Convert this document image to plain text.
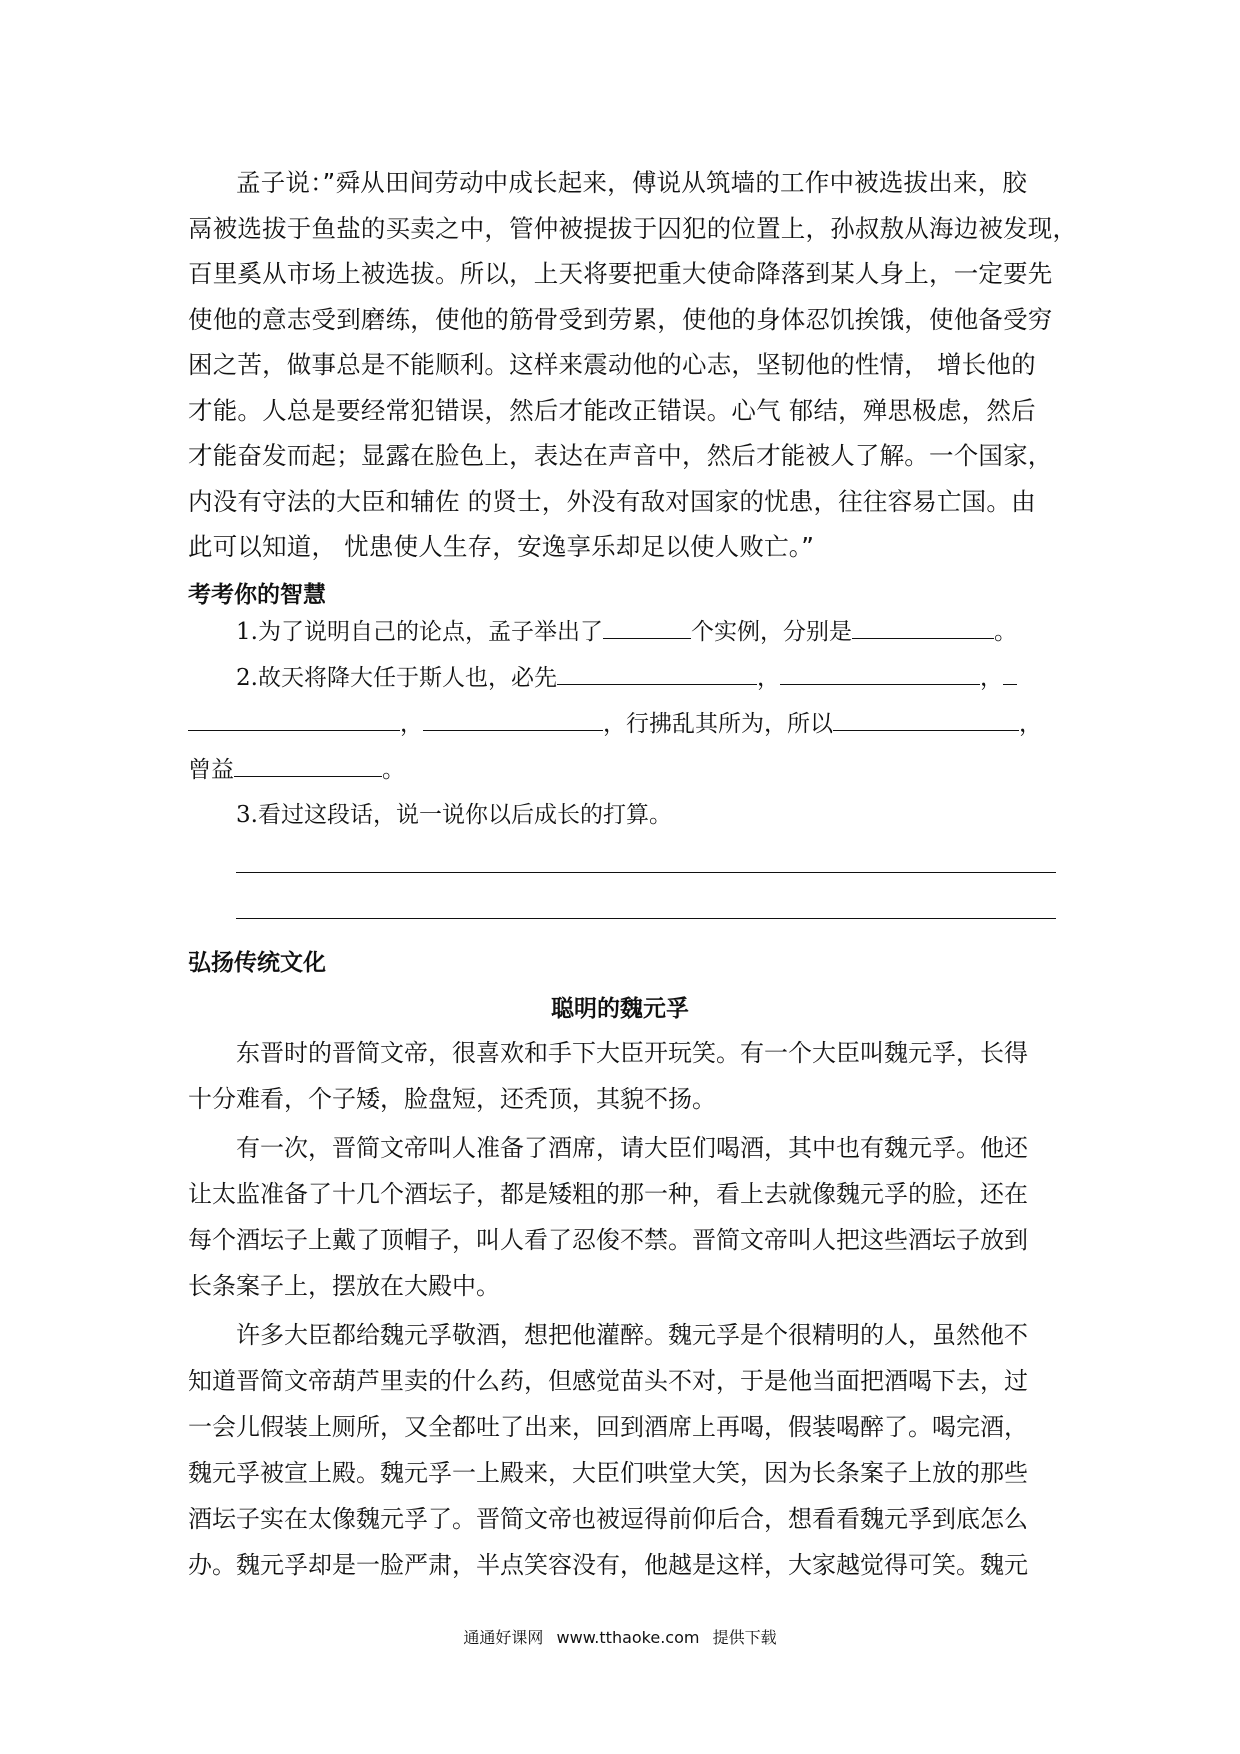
孟子说：”舜从田间劳动中成长起来，傅说从筑墙的工作中被选拔出来，胶
鬲被选拔于鱼盐的买卖之中，管仲被提拔于囚犯的位置上，孙叔敖从海边被发现，
百里奚从市场上被选拔。所以，上天将要把重大使命降落到某人身上，一定要先
使他的意志受到磨练，使他的筋骨受到劳累，使他的身体忍饥挨饿，使他备受穷
困之苦，做事总是不能顺利。这样来震动他的心志，坚韧他的性情， 增长他的
才能。人总是要经常犯错误，然后才能改正错误。心气 郁结，殚思极虑，然后
才能奋发而起；显露在脸色上，表达在声音中，然后才能被人了解。一个国家，
内没有守法的大臣和辅佐 的贤士，外没有敌对国家的忧患，往往容易亡国。由
此可以知道， 忧患使人生存，安逸享乐却足以使人败亡。”

考考你的智慧

1.为了说明自己的论点，孟子举出了	个实例，分别是	。

2.故天将降大任于斯人也，必先	，	，

，	，行拂乱其所为，所以	，

曾益	。

3.看过这段话，说一说你以后成长的打算。

弘扬传统文化
聪明的魏元孚

东晋时的晋简文帝，很喜欢和手下大臣开玩笑。有一个大臣叫魏元孚，长得
十分难看，个子矮，脸盘短，还秃顶，其貌不扬。

有一次，晋简文帝叫人准备了酒席，请大臣们喝酒，其中也有魏元孚。他还
让太监准备了十几个酒坛子，都是矮粗的那一种，看上去就像魏元孚的脸，还在
每个酒坛子上戴了顶帽子，叫人看了忍俊不禁。晋简文帝叫人把这些酒坛子放到
长条案子上，摆放在大殿中。

许多大臣都给魏元孚敬酒，想把他灌醉。魏元孚是个很精明的人，虽然他不
知道晋简文帝葫芦里卖的什么药，但感觉苗头不对，于是他当面把酒喝下去，过
一会儿假装上厕所，又全都吐了出来，回到酒席上再喝，假装喝醉了。喝完酒，
魏元孚被宣上殿。魏元孚一上殿来，大臣们哄堂大笑，因为长条案子上放的那些
酒坛子实在太像魏元孚了。晋简文帝也被逗得前仰后合，想看看魏元孚到底怎么
办。魏元孚却是一脸严肃，半点笑容没有，他越是这样，大家越觉得可笑。魏元

通通好课网 www.tthaoke.com 提供下载
